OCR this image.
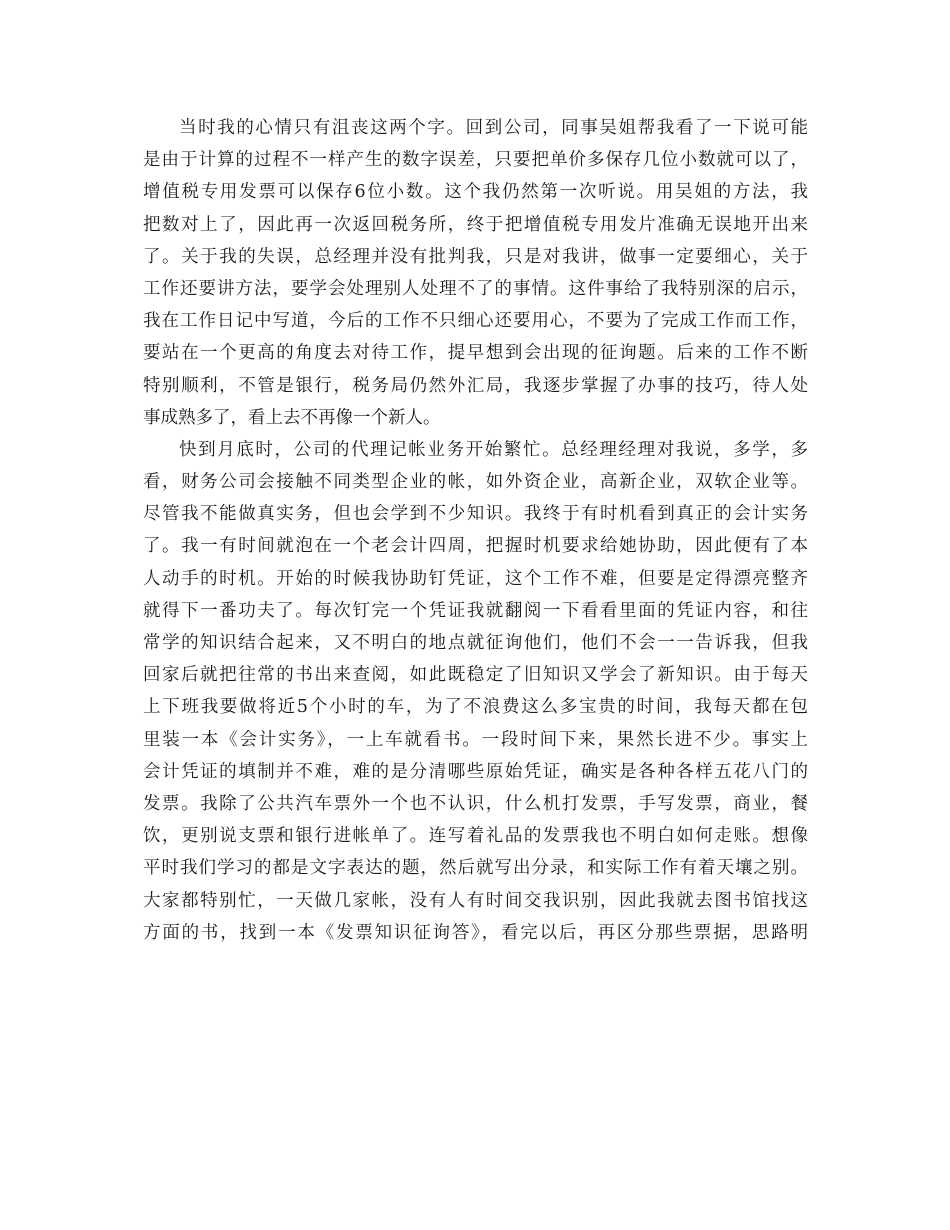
当时我的心情只有沮丧这两个字。回到公司，同事吴姐帮我看了一下说可能
是由于计算的过程不一样产生的数字误差，只要把单价多保存几位小数就可以了，
增值税专用发票可以保存6位小数。这个我仍然第一次听说。用吴姐的方法，我
把数对上了，因此再一次返回税务所，终于把增值税专用发片准确无误地开出来
了。关于我的失误，总经理并没有批判我，只是对我讲，做事一定要细心，关于
工作还要讲方法，要学会处理别人处理不了的事情。这件事给了我特别深的启示，
我在工作日记中写道，今后的工作不只细心还要用心，不要为了完成工作而工作，
要站在一个更高的角度去对待工作，提早想到会出现的征询题。后来的工作不断
特别顺利，不管是银行，税务局仍然外汇局，我逐步掌握了办事的技巧，待人处
事成熟多了，看上去不再像一个新人。
快到月底时，公司的代理记帐业务开始繁忙。总经理经理对我说，多学，多
看，财务公司会接触不同类型企业的帐，如外资企业，高新企业，双软企业等。
尽管我不能做真实务，但也会学到不少知识。我终于有时机看到真正的会计实务
了。我一有时间就泡在一个老会计四周，把握时机要求给她协助，因此便有了本
人动手的时机。开始的时候我协助钉凭证，这个工作不难，但要是定得漂亮整齐
就得下一番功夫了。每次钉完一个凭证我就翻阅一下看看里面的凭证内容，和往
常学的知识结合起来，又不明白的地点就征询他们，他们不会一一告诉我，但我
回家后就把往常的书出来查阅，如此既稳定了旧知识又学会了新知识。由于每天
上下班我要做将近5个小时的车，为了不浪费这么多宝贵的时间，我每天都在包
里装一本《会计实务》，一上车就看书。一段时间下来，果然长进不少。事实上
会计凭证的填制并不难，难的是分清哪些原始凭证，确实是各种各样五花八门的
发票。我除了公共汽车票外一个也不认识，什么机打发票，手写发票，商业，餐
饮，更别说支票和银行进帐单了。连写着礼品的发票我也不明白如何走账。想像
平时我们学习的都是文字表达的题，然后就写出分录，和实际工作有着天壤之别。
大家都特别忙，一天做几家帐，没有人有时间交我识别，因此我就去图书馆找这
方面的书，找到一本《发票知识征询答》，看完以后，再区分那些票据，思路明
